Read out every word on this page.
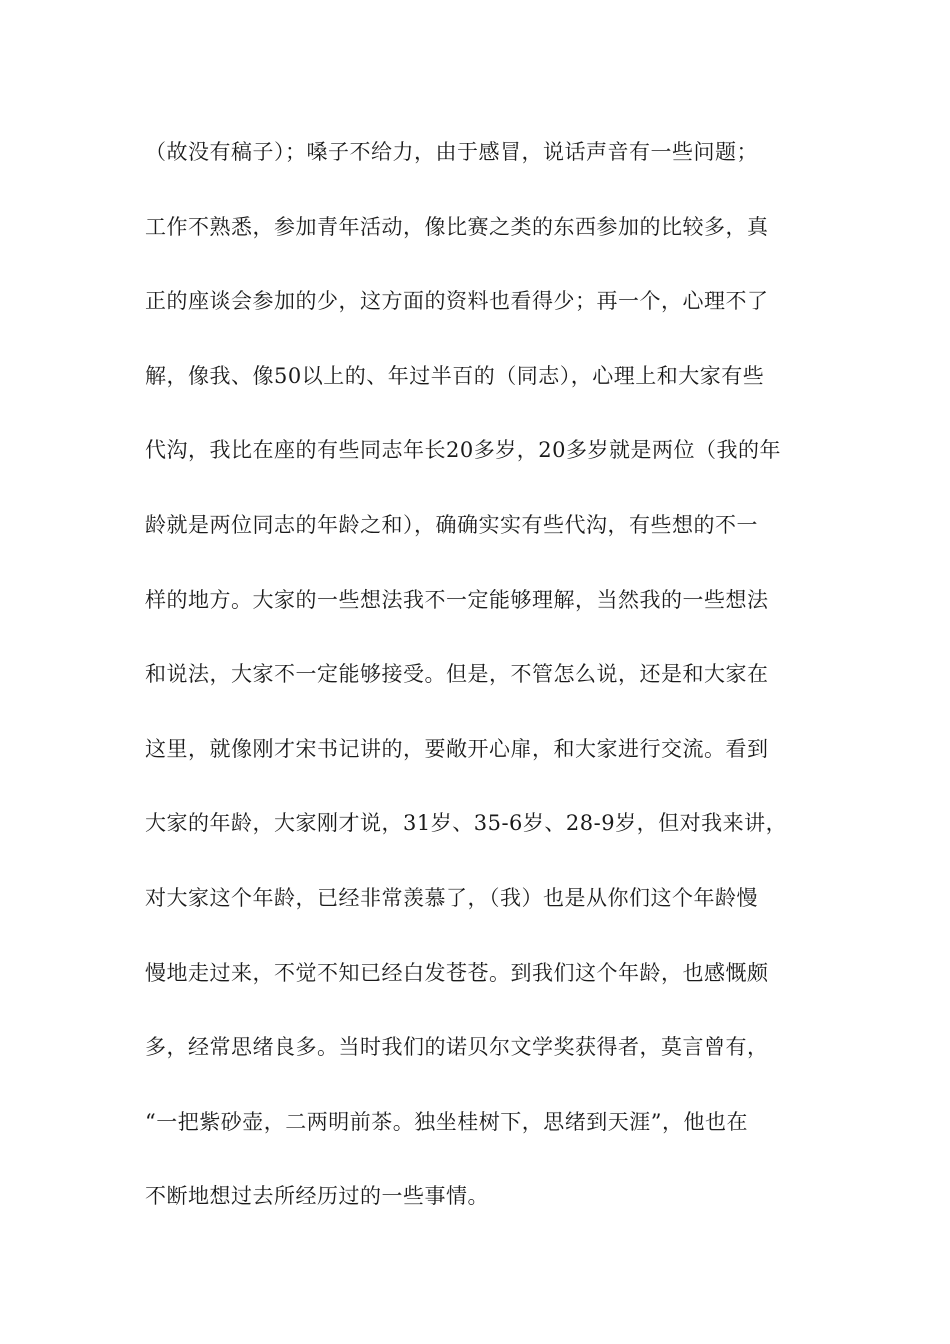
（故没有稿子）；嗓子不给力，由于感冒，说话声音有一些问题；
工作不熟悉，参加青年活动，像比赛之类的东西参加的比较多，真
正的座谈会参加的少，这方面的资料也看得少；再一个，心理不了
解，像我、像50以上的、年过半百的（同志），心理上和大家有些
代沟，我比在座的有些同志年长20多岁，20多岁就是两位（我的年
龄就是两位同志的年龄之和），确确实实有些代沟，有些想的不一
样的地方。大家的一些想法我不一定能够理解，当然我的一些想法
和说法，大家不一定能够接受。但是，不管怎么说，还是和大家在
这里，就像刚才宋书记讲的，要敞开心扉，和大家进行交流。看到
大家的年龄，大家刚才说，31岁、35-6岁、28-9岁，但对我来讲，
对大家这个年龄，已经非常羡慕了，（我）也是从你们这个年龄慢
慢地走过来，不觉不知已经白发苍苍。到我们这个年龄，也感慨颇
多，经常思绪良多。当时我们的诺贝尔文学奖获得者，莫言曾有，
“一把紫砂壶，二两明前茶。独坐桂树下，思绪到天涯”，他也在
不断地想过去所经历过的一些事情。
